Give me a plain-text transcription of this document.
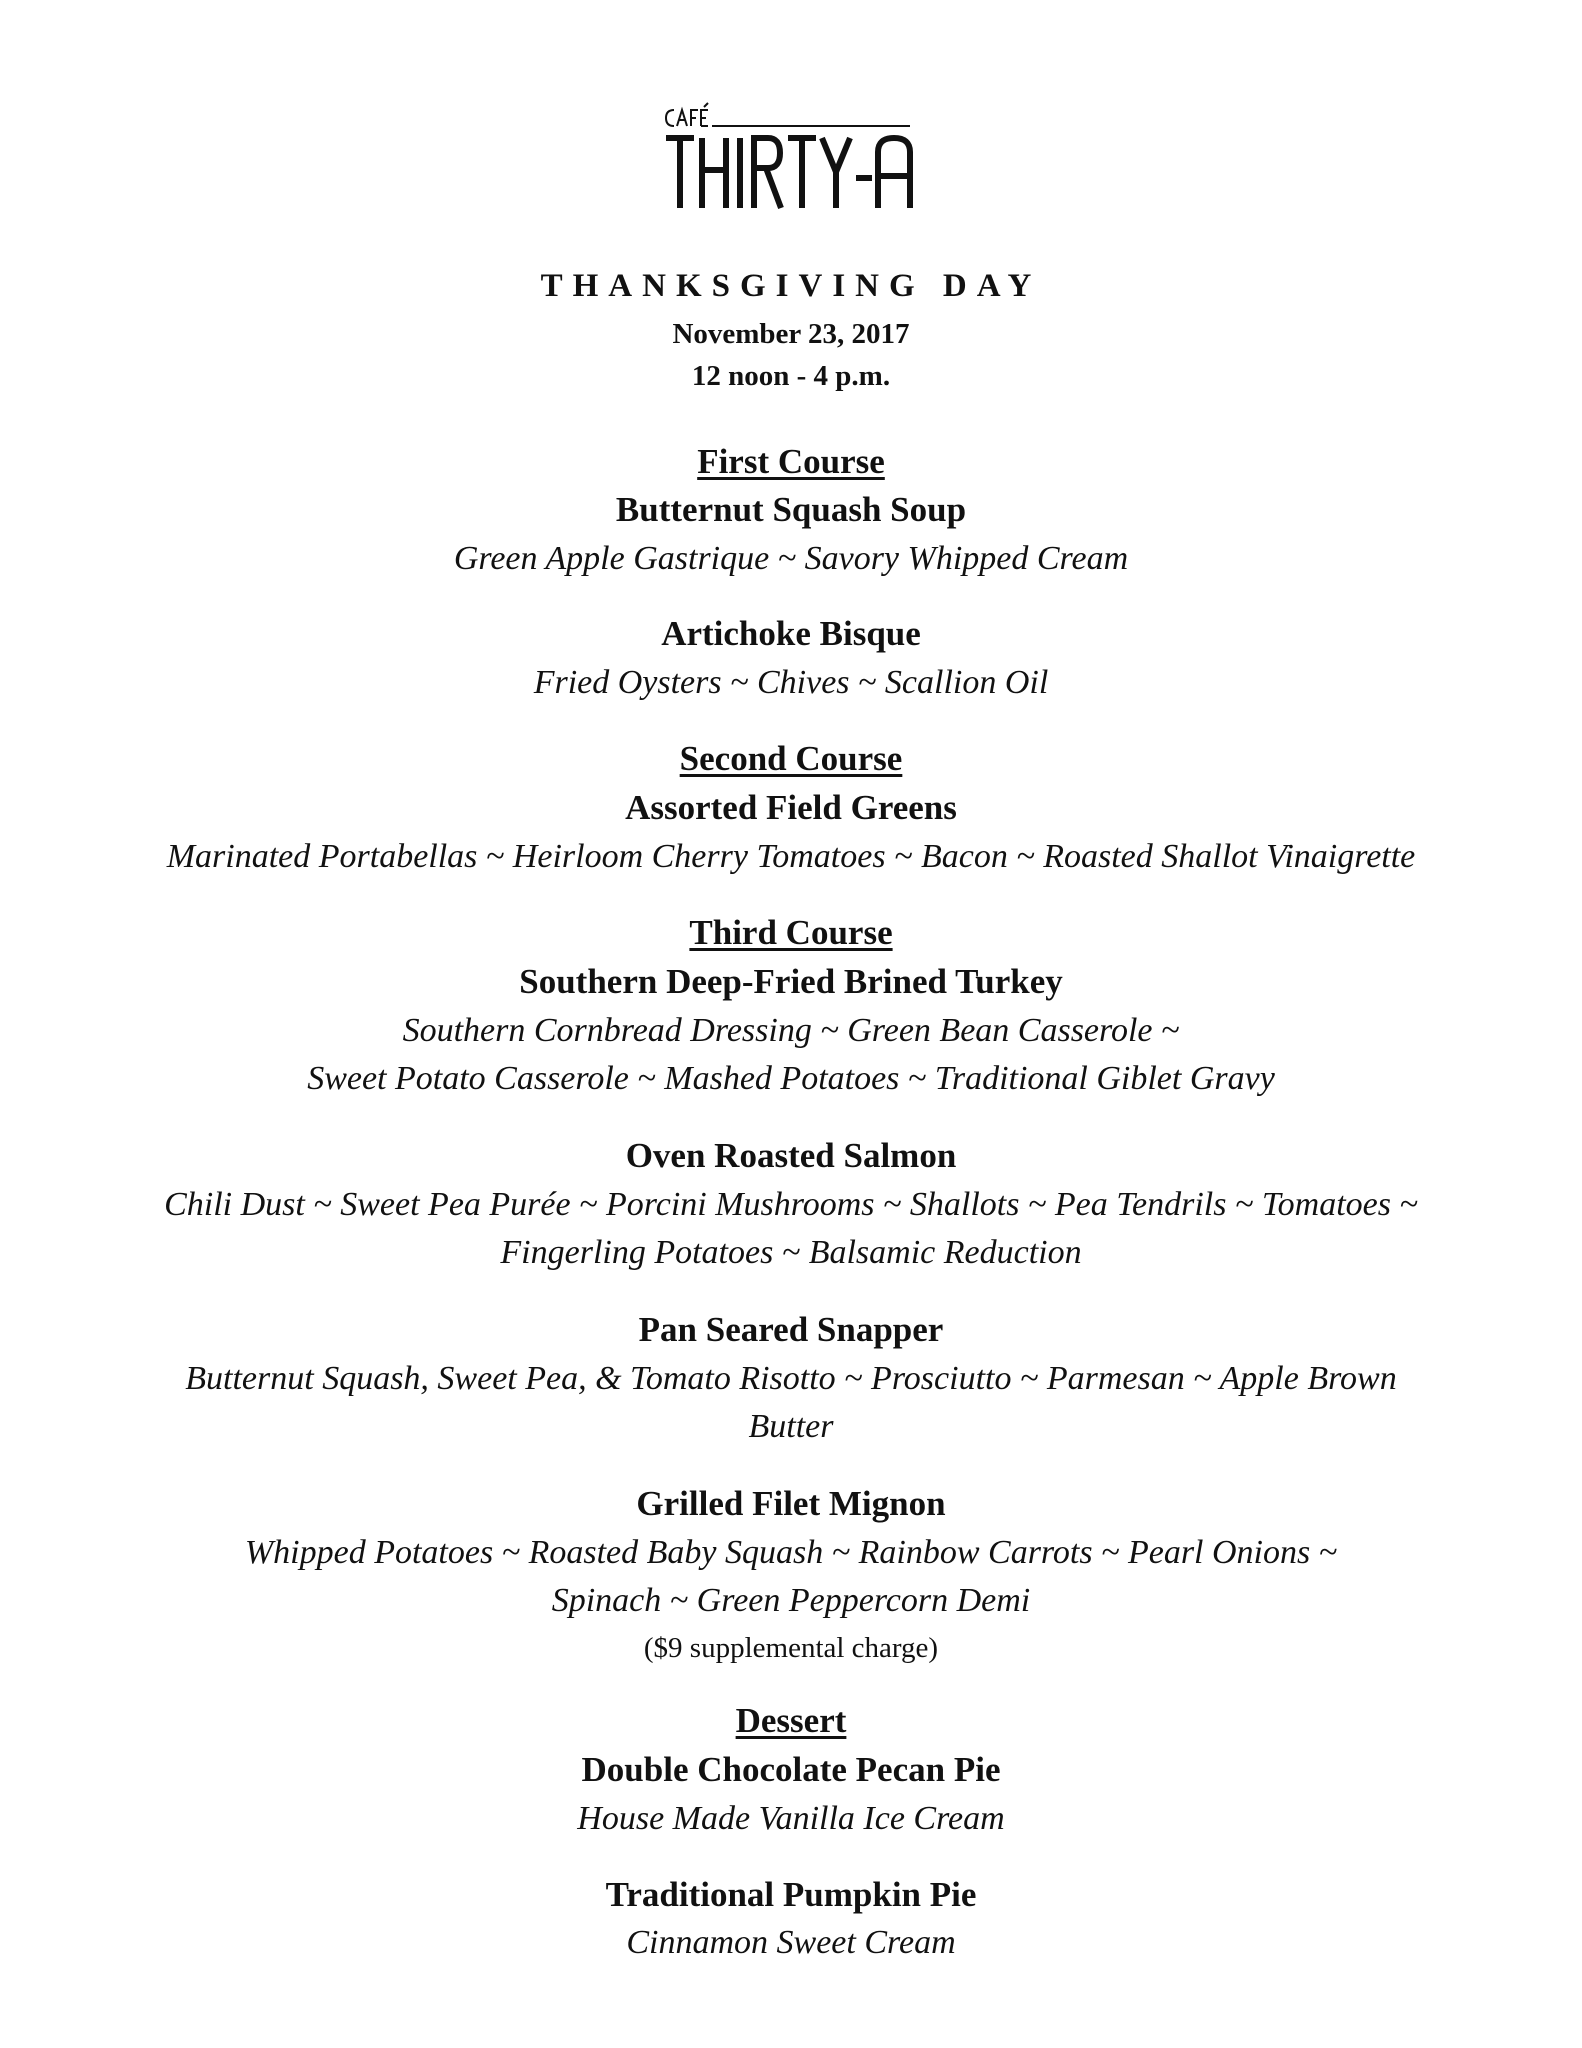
THANKSGIVING DAY
November 23, 2017
12 noon - 4 p.m.
First Course
Butternut Squash Soup
Green Apple Gastrique ~ Savory Whipped Cream
Artichoke Bisque
Fried Oysters ~ Chives ~ Scallion Oil
Second Course
Assorted Field Greens
Marinated Portabellas ~ Heirloom Cherry Tomatoes ~ Bacon ~ Roasted Shallot Vinaigrette
Third Course
Southern Deep-Fried Brined Turkey
Southern Cornbread Dressing ~ Green Bean Casserole ~
Sweet Potato Casserole ~ Mashed Potatoes ~ Traditional Giblet Gravy
Oven Roasted Salmon
Chili Dust ~ Sweet Pea Purée ~ Porcini Mushrooms ~ Shallots ~ Pea Tendrils ~ Tomatoes ~
Fingerling Potatoes ~ Balsamic Reduction
Pan Seared Snapper
Butternut Squash, Sweet Pea, & Tomato Risotto ~ Prosciutto ~ Parmesan ~ Apple Brown
Butter
Grilled Filet Mignon
Whipped Potatoes ~ Roasted Baby Squash ~ Rainbow Carrots ~ Pearl Onions ~
Spinach ~ Green Peppercorn Demi
($9 supplemental charge)
Dessert
Double Chocolate Pecan Pie
House Made Vanilla Ice Cream
Traditional Pumpkin Pie
Cinnamon Sweet Cream
